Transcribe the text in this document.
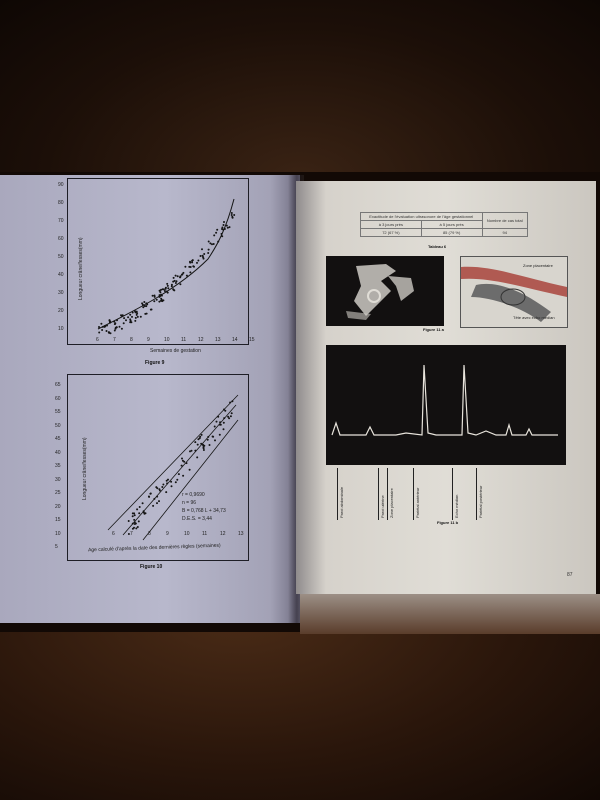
90
80
70
60
50
40
30
20
10
6	7	8	9	10 11 12 13 14 15
Longueur crâne/fesses(mm)
Semaines de gestation
Figure 9
65
60
55
50
45
40
35
30
25
20
15
10
5
6	7	8	9	10 11	12 13
Longueur crâne/fesses(mm)	r = 0,9690
n = 96
B = 0,768 L + 34,73
D.E.S. = 3,44
Age calculé d'après la date des dernières règles (semaines)
Figure 10
Exactitude de l'évaluation ultrasonore de l'âge gestationnel		Nombre de cas total
à 3 jours près	à 5 jours près	
72 (67 %)	85 (79 %)	94
Tableau 6
Zone placentaire
Tête avec écho médian
Figure 11 a
Paroi abdominale	Paroi utérine Zone placentaire	Pariétal antérieur	Echo médian	Pariétal postérieur
Figure 11 b
87
